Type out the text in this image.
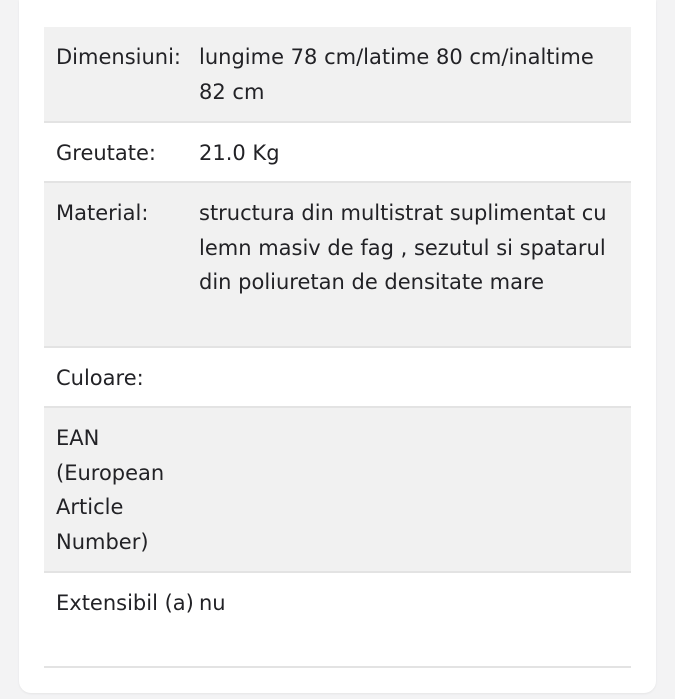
Dimensiuni: lungime 78 cm/latime 80 cm/inaltime 82 cm
Greutate:	21.0 Kg
Material:	structura din multistrat suplimentat cu lemn masiv de fag , sezutul si spatarul din poliuretan de densitate mare
Culoare:
EAN (European Article Number)
Extensibil (a) nu
